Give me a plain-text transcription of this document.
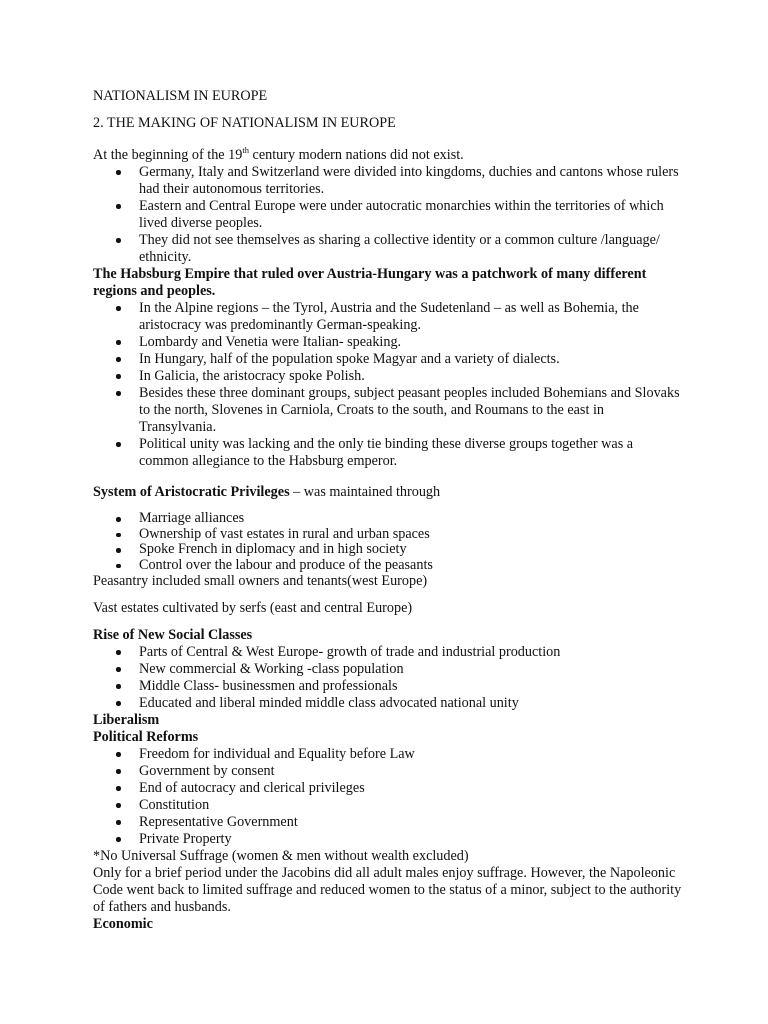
NATIONALISM IN EUROPE

2. THE MAKING OF NATIONALISM IN EUROPE

At the beginning of the 19th century modern nations did not exist.

Germany, Italy and Switzerland were divided into kingdoms, duchies and cantons whose rulers had their autonomous territories.
Eastern and Central Europe were under autocratic monarchies within the territories of which lived diverse peoples.
They did not see themselves as sharing a collective identity or a common culture /language/ ethnicity.

The Habsburg Empire that ruled over Austria-Hungary was a patchwork of many different regions and peoples.

In the Alpine regions – the Tyrol, Austria and the Sudetenland – as well as Bohemia, the aristocracy was predominantly German-speaking.
Lombardy and Venetia were Italian- speaking.
In Hungary, half of the population spoke Magyar and a variety of dialects.
In Galicia, the aristocracy spoke Polish.
Besides these three dominant groups, subject peasant peoples included Bohemians and Slovaks to the north, Slovenes in Carniola, Croats to the south, and Roumans to the east in Transylvania.
Political unity was lacking and the only tie binding these diverse groups together was a common allegiance to the Habsburg emperor.

System of Aristocratic Privileges – was maintained through

Marriage alliances
Ownership of vast estates in rural and urban spaces
Spoke French in diplomacy and in high society
Control over the labour and produce of the peasants

Peasantry included small owners and tenants(west Europe)

Vast estates cultivated by serfs (east and central Europe)

Rise of New Social Classes

Parts of Central & West Europe- growth of trade and industrial production
New commercial & Working -class population
Middle Class- businessmen and professionals
Educated and liberal minded middle class advocated national unity

Liberalism

Political Reforms

Freedom for individual and Equality before Law
Government by consent
End of autocracy and clerical privileges
Constitution
Representative Government
Private Property

*No Universal Suffrage (women & men without wealth excluded)

Only for a brief period under the Jacobins did all adult males enjoy suffrage. However, the Napoleonic Code went back to limited suffrage and reduced women to the status of a minor, subject to the authority of fathers and husbands.

Economic
